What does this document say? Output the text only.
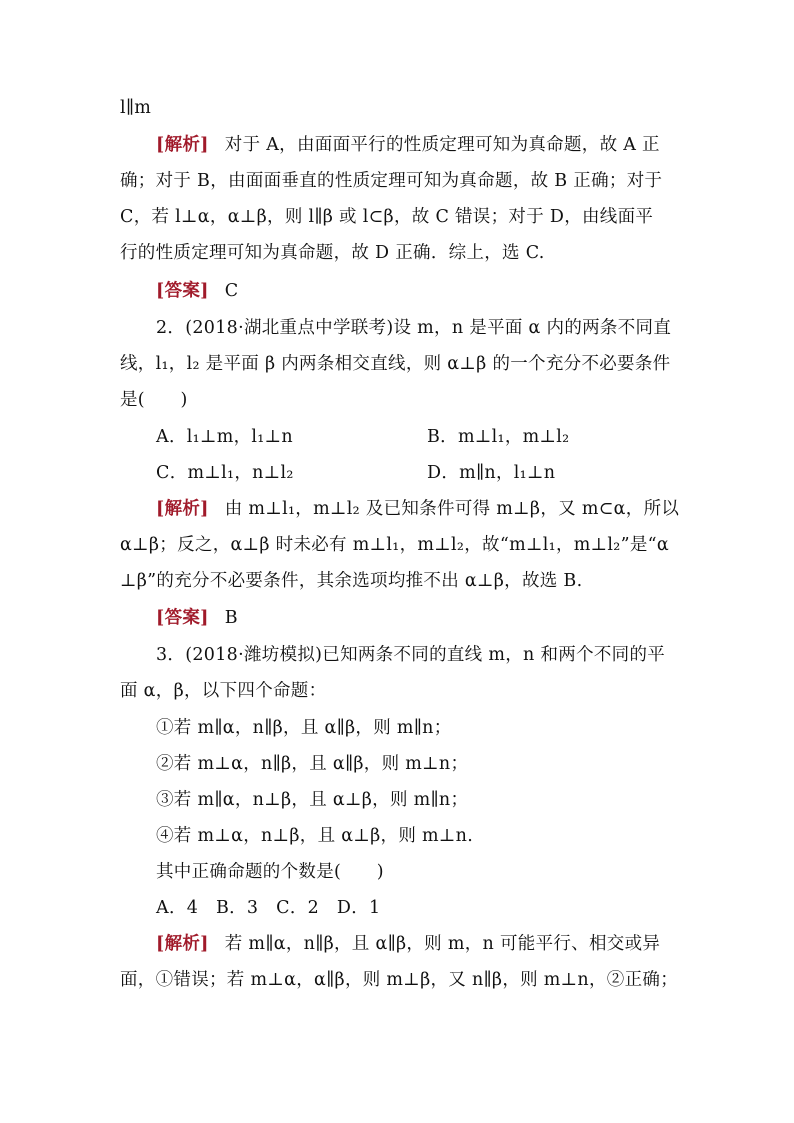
l∥m
[解析] 对于 A，由面面平行的性质定理可知为真命题，故 A 正
确；对于 B，由面面垂直的性质定理可知为真命题，故 B 正确；对于
C，若 l⊥α，α⊥β，则 l∥β 或 l⊂β，故 C 错误；对于 D，由线面平
行的性质定理可知为真命题，故 D 正确．综上，选 C.
[答案] C
2．(2018·湖北重点中学联考)设 m，n 是平面 α 内的两条不同直
线，l₁，l₂ 是平面 β 内两条相交直线，则 α⊥β 的一个充分不必要条件
是(　　)
A．l₁⊥m，l₁⊥n	B．m⊥l₁，m⊥l₂
C．m⊥l₁，n⊥l₂	D．m∥n，l₁⊥n
[解析] 由 m⊥l₁，m⊥l₂ 及已知条件可得 m⊥β，又 m⊂α，所以
α⊥β；反之，α⊥β 时未必有 m⊥l₁，m⊥l₂，故“m⊥l₁，m⊥l₂”是“α
⊥β”的充分不必要条件，其余选项均推不出 α⊥β，故选 B.
[答案] B
3．(2018·潍坊模拟)已知两条不同的直线 m，n 和两个不同的平
面 α，β，以下四个命题：
①若 m∥α，n∥β，且 α∥β，则 m∥n；
②若 m⊥α，n∥β，且 α∥β，则 m⊥n；
③若 m∥α，n⊥β，且 α⊥β，则 m∥n；
④若 m⊥α，n⊥β，且 α⊥β，则 m⊥n.
其中正确命题的个数是(　　)
A．4　B．3　C．2　D．1
[解析] 若 m∥α，n∥β，且 α∥β，则 m，n 可能平行、相交或异
面，①错误；若 m⊥α，α∥β，则 m⊥β，又 n∥β，则 m⊥n，②正确；
